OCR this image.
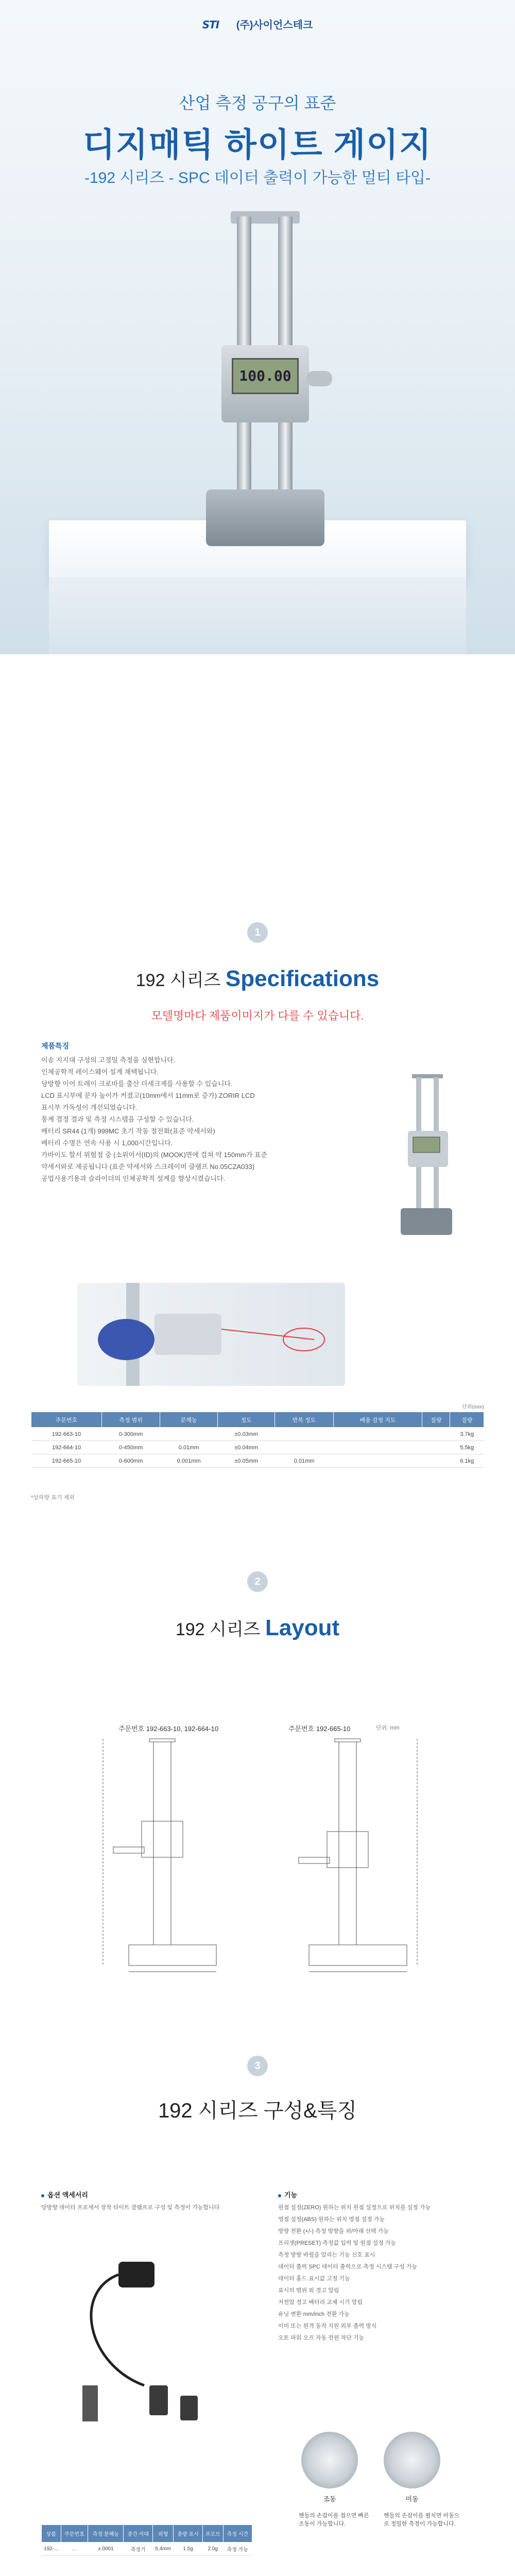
STI	(주)사이언스테크
산업 측정 공구의 표준
디지매틱 하이트 게이지
-192 시리즈 - SPC 데이터 출력이 가능한 멀티 타입-
100.00
1
192 시리즈 Specifications
모델명마다 제품이미지가 다를 수 있습니다.
제품특징

이송 지지대 구성의 고정밀 측정을 실현합니다.

인체공학적 레이스웨어 설계 채택됩니다.

당방향 이어 트레이 크로바를 출산 더세크제를 사용할 수 있습니다.

LCD 표시부에 문자 높이가 커졌고(10mm에서 11mm로 증가) ZORIR LCD

표시부 가독성이 개선되었습니다.

통계 결정 결과 및 측정 시스템을 구성할 수 있습니다.

배터리 SR44 (1개) 999MC 초기 작동 절전화(표준 약세서와)

배터리 수명은 연속 사용 시 1,000시간입니다.

가바이도 할서 위험점 중 (소위어서(ID)의 (MOOK)면에 걸쳐 약 150mm가 표준

약세서와로 제공됩니다 (표준 약세서와 스크레이버 클램프 No.05CZA033)

공업사용기용과 슬라이더의 인체공학적 설계를 향상시켰습니다.

단위(mm)
주문번호	측정 범위	분해능	정도	반복 정도	배율 감정 지도	질량	질량
192-663-10	0-300mm		±0.03mm				3.7kg
192-664-10	0-450mm	0.01mm	±0.04mm				5.5kg
192-665-10	0-600mm	0.001mm	±0.05mm	0.01mm			6.1kg
*상하방 표기 제외
2
192 시리즈 Layout
주문번호 192-663-10, 192-664-10	주문번호 192-665-10	단위: mm
3
192 시리즈 구성&특징
옵션 액세서리

당방향 데이터 프로세서 장착 타이트 클램프로 구성 및 측정이 가능합니다

상품	주문번호	측정 분해능	중간 지대	외형	총량 표시	프로브	측정 시간
192-...	...	±.0001	측정기	5.4mm	1.5g	2.0g	측정 가능
기능
원점 설정(ZERO) 원하는 위치 원점 설정으로 위치를 설정 가능
영점 설정(ABS) 원하는 위치 영점 설정 가능
방향 전환 (+/-) 측정 방향을 위/아래 선택 가능
프리셋(PRESET) 측정값 입력 및 원점 설정 가능
측정 방향 바뀜을 알리는 기능 신호 표시
데이터 출력 SPC 데이터 출력으로 측정 시스템 구성 가능
데이터 홀드 표시값 고정 기능
표시의 범위 외 경고 알림
저전압 경고 배터리 교체 시기 알림
유닛 변환 mm/inch 전환 가능
이미 또는 원격 동작 지원 외부 출력 방식
오토 파워 오프 자동 전원 차단 기능
조동	미동
핸들의 손잡이를 접으면 빠른 조동이 가능합니다.
핸들의 손잡이를 펼치면 미동으로 정밀한 측정이 가능합니다.
